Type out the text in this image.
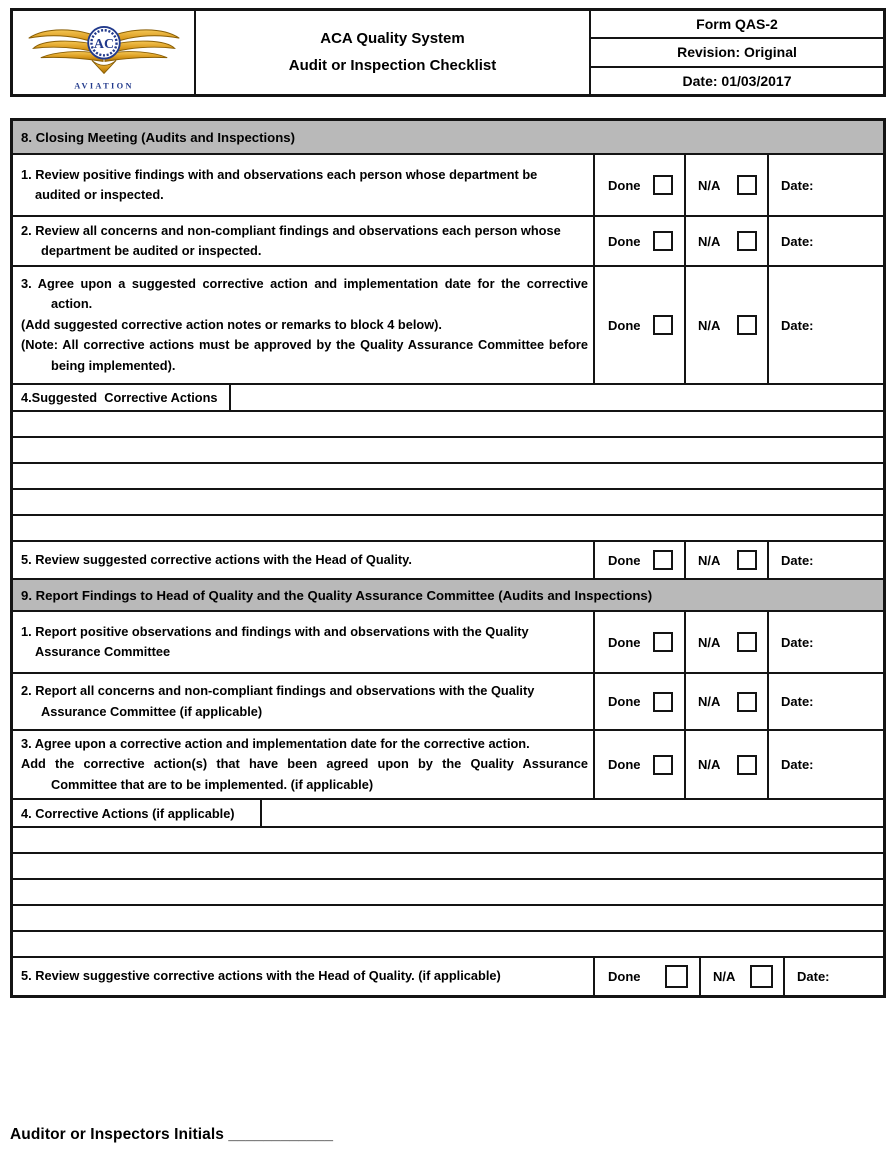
AC
AVIATION
ACA Quality System
Audit or Inspection Checklist
Form QAS-2
Revision: Original
Date: 01/03/2017
8. Closing Meeting (Audits and Inspections)
1. Review positive findings with and observations each person whose department be
audited or inspected.
Done	N/A	Date:
2. Review all concerns and non-compliant findings and observations each person whose
department be audited or inspected.
Done	N/A	Date:
3. Agree upon a suggested corrective action and implementation date for the corrective
action.
(Add suggested corrective action notes or remarks to block 4 below).
(Note: All corrective actions must be approved by the Quality Assurance Committee before
being implemented).
Done	N/A	Date:
4.Suggested  Corrective Actions
5. Review suggested corrective actions with the Head of Quality.	Done	N/A	Date:
9. Report Findings to Head of Quality and the Quality Assurance Committee (Audits and Inspections)
1. Report positive observations and findings with and observations with the Quality
Assurance Committee
Done	N/A	Date:
2. Report all concerns and non-compliant findings and observations with the Quality
Assurance Committee (if applicable)
Done	N/A	Date:
3. Agree upon a corrective action and implementation date for the corrective action.
Add the corrective action(s) that have been agreed upon by the Quality Assurance
Committee that are to be implemented. (if applicable)
Done	N/A	Date:
4. Corrective Actions (if applicable)
5. Review suggestive corrective actions with the Head of Quality. (if applicable)	Done	N/A	Date:
Auditor or Inspectors Initials ____________
